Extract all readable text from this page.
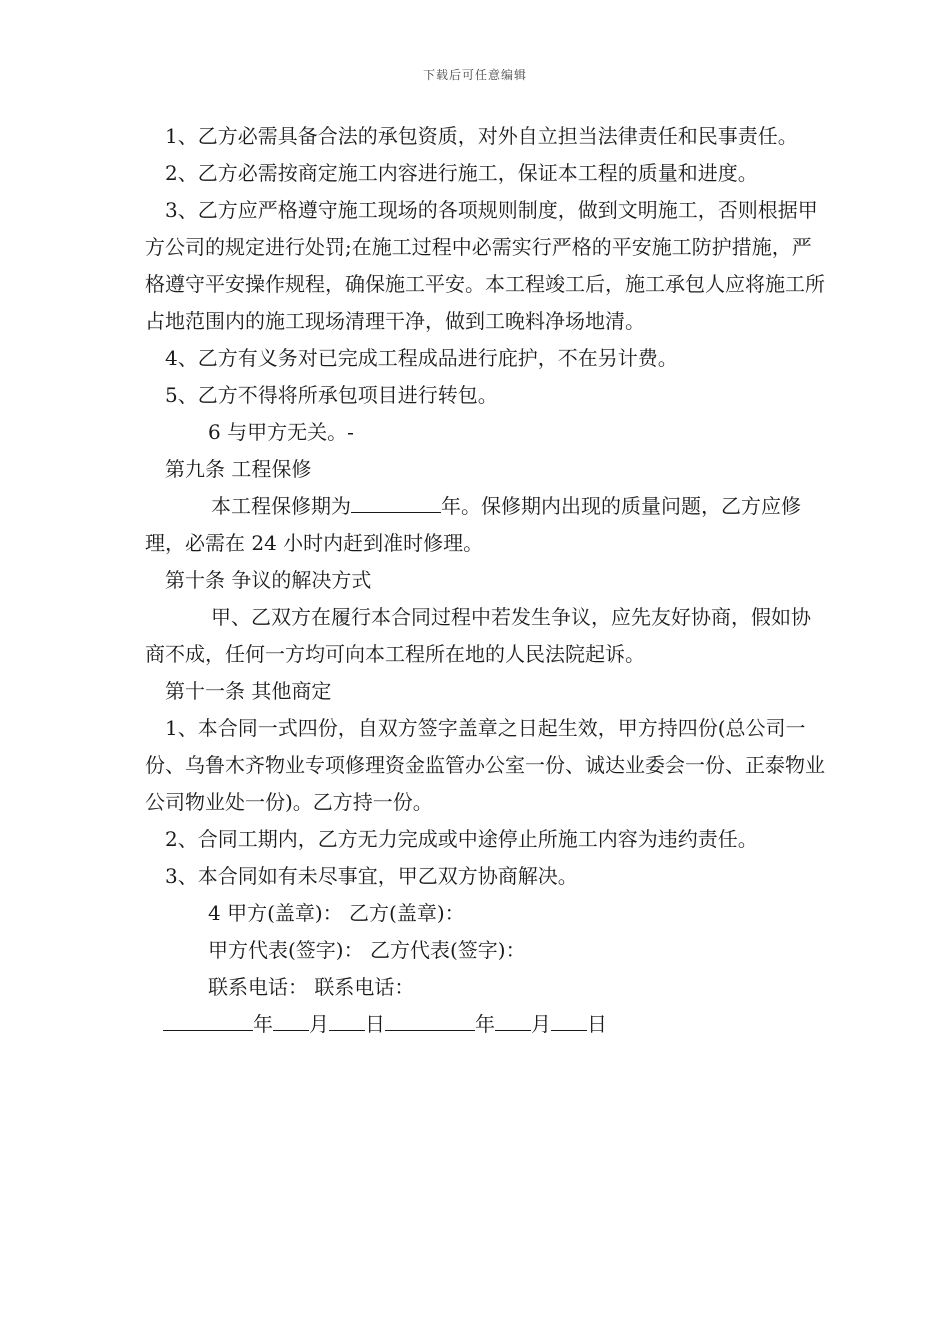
下载后可任意编辑

1、乙方必需具备合法的承包资质，对外自立担当法律责任和民事责任。

2、乙方必需按商定施工内容进行施工，保证本工程的质量和进度。

3、乙方应严格遵守施工现场的各项规则制度，做到文明施工，否则根据甲方公司的规定进行处罚;在施工过程中必需实行严格的平安施工防护措施，严格遵守平安操作规程，确保施工平安。本工程竣工后，施工承包人应将施工所占地范围内的施工现场清理干净，做到工晚料净场地清。

4、乙方有义务对已完成工程成品进行庇护，不在另计费。

5、乙方不得将所承包项目进行转包。

6 与甲方无关。-

第九条 工程保修

本工程保修期为	年。保修期内出现的质量问题，乙方应修理，必需在 24 小时内赶到准时修理。

第十条 争议的解决方式

甲、乙双方在履行本合同过程中若发生争议，应先友好协商，假如协商不成，任何一方均可向本工程所在地的人民法院起诉。

第十一条 其他商定

1、本合同一式四份，自双方签字盖章之日起生效，甲方持四份(总公司一份、乌鲁木齐物业专项修理资金监管办公室一份、诚达业委会一份、正泰物业公司物业处一份)。乙方持一份。

2、合同工期内，乙方无力完成或中途停止所施工内容为违约责任。

3、本合同如有未尽事宜，甲乙双方协商解决。

4 甲方(盖章)： 乙方(盖章)：

甲方代表(签字)： 乙方代表(签字)：

联系电话： 联系电话：

年 月 日	年 月 日
